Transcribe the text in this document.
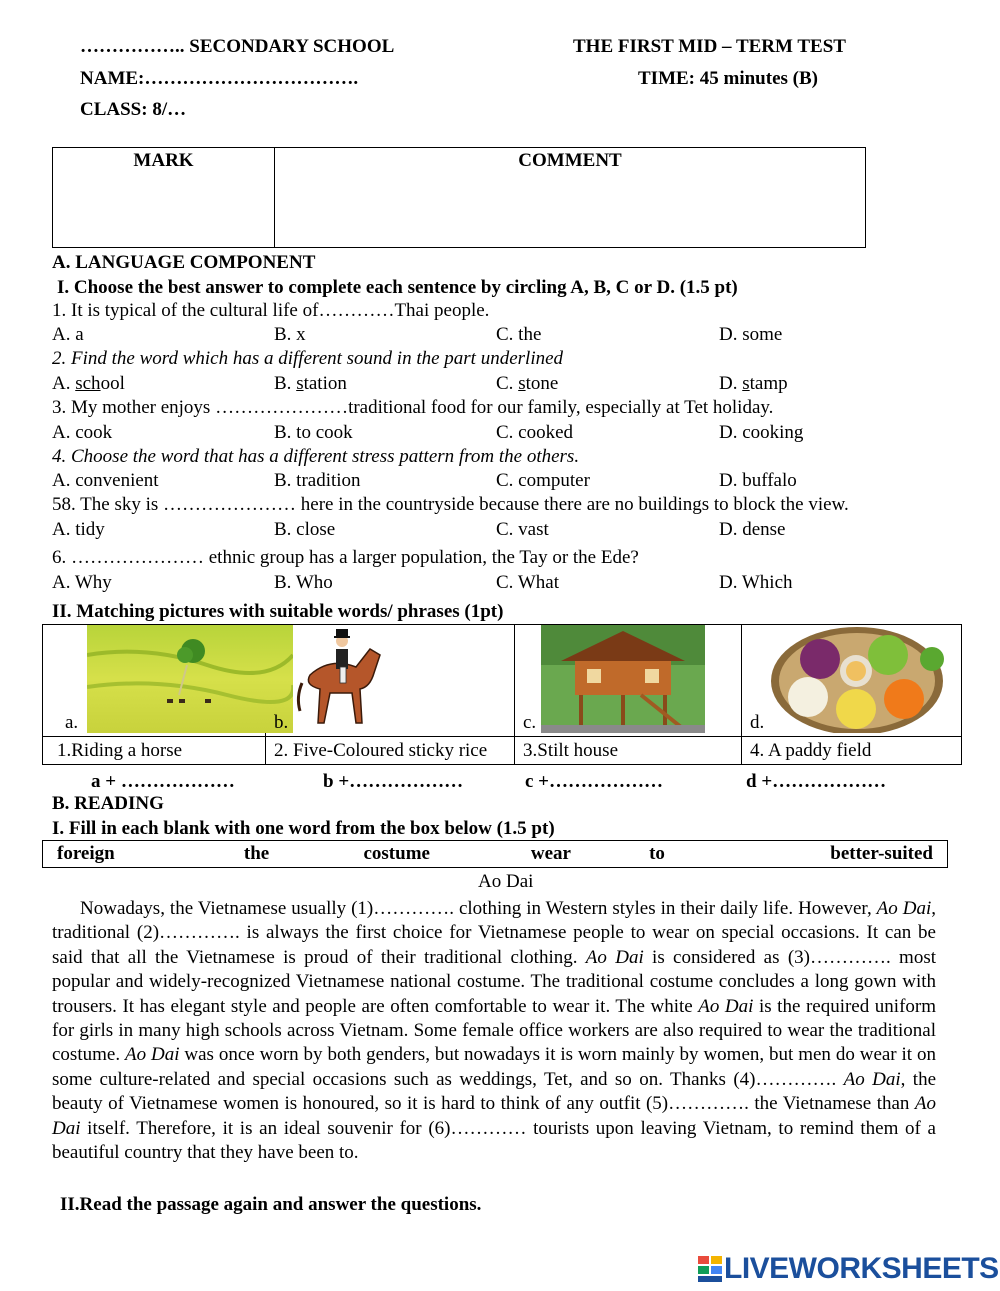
…………….. SECONDARY SCHOOL	THE FIRST MID – TERM TEST
NAME:…………………………….	TIME: 45 minutes (B)
CLASS: 8/…
MARK	COMMENT
A. LANGUAGE COMPONENT
I. Choose the best answer to complete each sentence by circling A, B, C or D. (1.5 pt)
1. It is typical of the cultural life of…………Thai people.
A. a	B. x	C. the	D. some
2. Find the word which has a different sound in the part underlined
A. school	B. station	C. stone	D. stamp
3. My mother enjoys …………………traditional food for our family, especially at Tet holiday.
A. cook	B. to cook	C. cooked	D. cooking
4. Choose the word that has a different stress pattern from the others.
A. convenient	B. tradition	C. computer	D. buffalo
58. The sky is ………………… here in the countryside because there are no buildings to block the view.
A. tidy	B. close	C. vast	D. dense
6. ………………… ethnic group has a larger population, the Tay or the Ede?
A. Why	B. Who	C. What	D. Which
II. Matching pictures with suitable words/ phrases (1pt)
a.	b.	c.	d.
1.Riding a horse	2. Five-Coloured sticky rice	3.Stilt house	4. A paddy field
a + ………………	b +………………	c +………………	d +………………
B. READING
I. Fill in each blank with one word from the box below (1.5 pt)
foreign	the	costume	wear	to	better-suited
Ao Dai
Nowadays, the Vietnamese usually (1)…………. clothing in Western styles in their daily life. However, Ao Dai, traditional (2)…………. is always the first choice for Vietnamese people to wear on special occasions. It can be said that all the Vietnamese is proud of their traditional clothing. Ao Dai is considered as (3)…………. most popular and widely-recognized Vietnamese national costume. The traditional costume concludes a long gown with trousers. It has elegant style and people are often comfortable to wear it. The white Ao Dai is the required uniform for girls in many high schools across Vietnam. Some female office workers are also required to wear the traditional costume. Ao Dai was once worn by both genders, but nowadays it is worn mainly by women, but men do wear it on some culture-related and special occasions such as weddings, Tet, and so on. Thanks (4)…………. Ao Dai, the beauty of Vietnamese women is honoured, so it is hard to think of any outfit (5)…………. the Vietnamese than Ao Dai itself. Therefore, it is an ideal souvenir for (6)………… tourists upon leaving Vietnam, to remind them of a beautiful country that they have been to.
II.Read the passage again and answer the questions.
LIVEWORKSHEETS
